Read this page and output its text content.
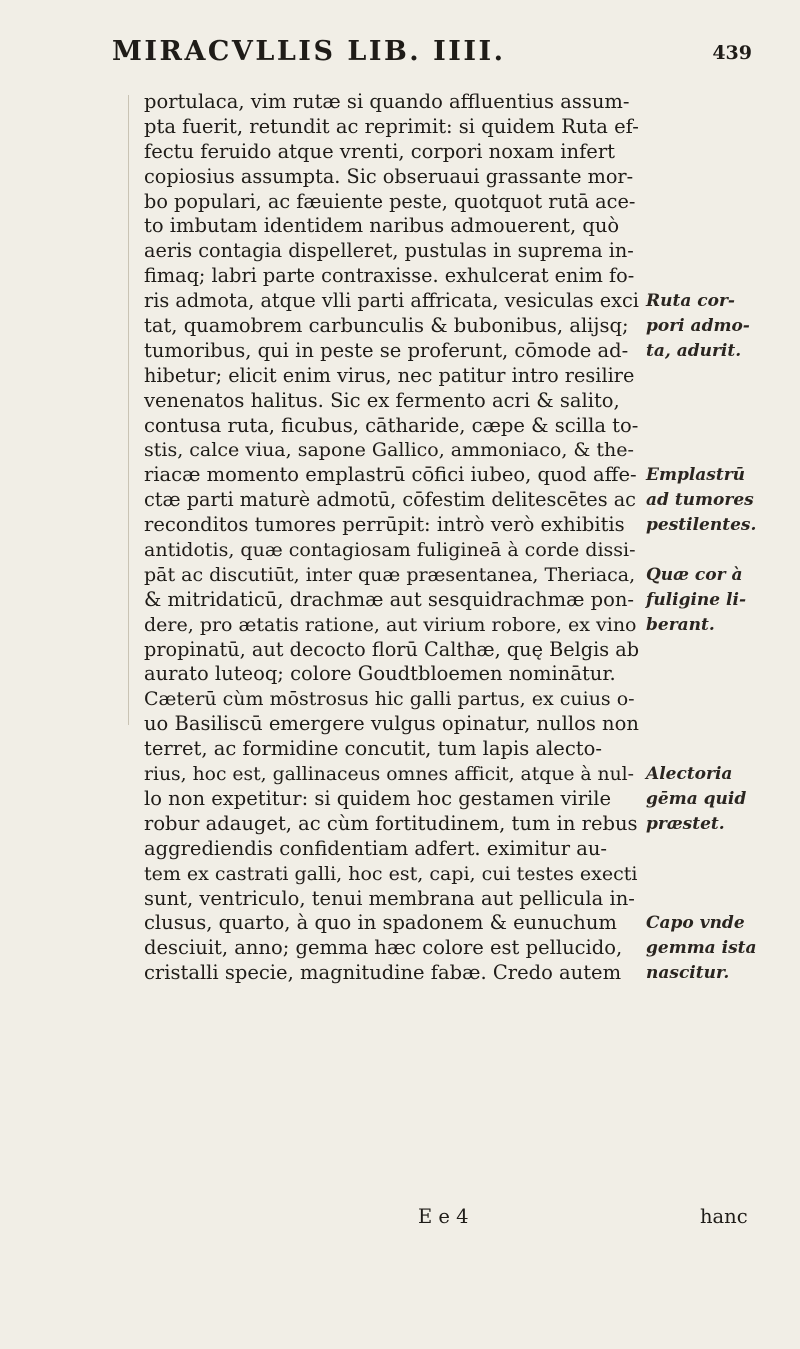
MIRACVLLIS LIB. IIII.	439
portulaca, vim rutæ si quando affluentius assum-
pta fuerit, retundit ac reprimit: si quidem Ruta ef-
fectu feruido atque vrenti, corpori noxam infert
copiosius assumpta. Sic obseruaui grassante mor-
bo populari, ac fæuiente peste, quotquot rutā ace-
to imbutam identidem naribus admouerent, quò
aeris contagia dispelleret, pustulas in suprema in-
fimaq; labri parte contraxisse. exhulcerat enim fo-
ris admota, atque vlli parti affricata, vesiculas exci Ruta cor-
tat, quamobrem carbunculis & bubonibus, alijsq; pori admo-
tumoribus, qui in peste se proferunt, cōmode ad- ta, adurit.
hibetur; elicit enim virus, nec patitur intro resilire
venenatos halitus. Sic ex fermento acri & salito,
contusa ruta, ficubus, cātharide, cæpe & scilla to-
stis, calce viua, sapone Gallico, ammoniaco, & the-
riacæ momento emplastrū cōfici iubeo, quod affe- Emplastrū
ctæ parti maturè admotū, cōfestim delitescētes ac ad tumores
reconditos tumores perrūpit: intrò verò exhibitis pestilentes.
antidotis, quæ contagiosam fuligineā à corde dissi-
pāt ac discutiūt, inter quæ præsentanea, Theriaca, Quæ cor à
& mitridaticū, drachmæ aut sesquidrachmæ pon- fuligine li-
dere, pro ætatis ratione, aut virium robore, ex vino berant.
propinatū, aut decocto florū Calthæ, quę Belgis ab
aurato luteoq; colore Goudtbloemen nominātur.
Cæterū cùm mōstrosus hic galli partus, ex cuius o-
uo Basiliscū emergere vulgus opinatur, nullos non
terret, ac formidine concutit, tum lapis alecto-
rius, hoc est, gallinaceus omnes afficit, atque à nul- Alectoria
lo non expetitur: si quidem hoc gestamen virile gēma quid
robur adauget, ac cùm fortitudinem, tum in rebus præstet.
aggrediendis confidentiam adfert. eximitur au-
tem ex castrati galli, hoc est, capi, cui testes execti
sunt, ventriculo, tenui membrana aut pellicula in-
clusus, quarto, à quo in spadonem & eunuchum Capo vnde
desciuit, anno; gemma hæc colore est pellucido, gemma ista
cristalli specie, magnitudine fabæ. Credo autem nascitur.
E e 4	hanc
